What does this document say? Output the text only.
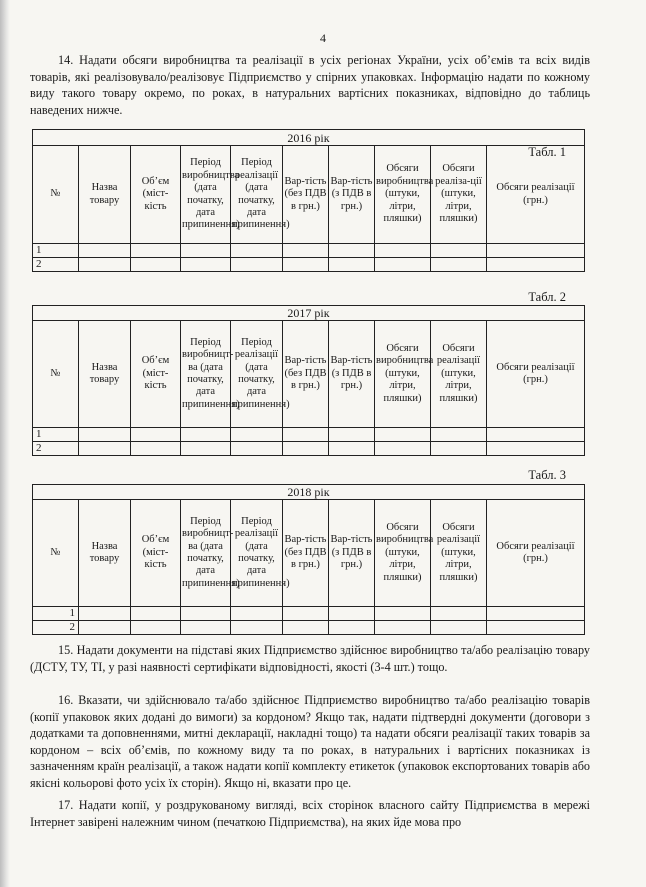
4

14. Надати обсяги виробництва та реалізації в усіх регіонах України, усіх об’ємів та всіх видів товарів, які реалізовувало/реалізовує Підприємство у спірних упаковках. Інформацію надати по кожному виду такого товару окремо, по роках, в натуральних вартісних показниках, відповідно до таблиць наведених нижче.

Табл. 1
2016 рік									
№	Назва товару	Об’єм (міст-кість	Період виробництва (дата початку, дата припинення)	Період реалізації (дата початку, дата припинення)	Вар-тість (без ПДВ в грн.)	Вар-тість (з ПДВ в грн.)	Обсяги виробництва (штуки, літри, пляшки)	Обсяги реаліза-ції (штуки, літри, пляшки)	Обсяги реалізації (грн.)
1									
2									
Табл. 2
2017 рік									
№	Назва товару	Об’єм (міст-кість	Період виробницт-ва (дата початку, дата припинення)	Період реалізації (дата початку, дата припинення)	Вар-тість (без ПДВ в грн.)	Вар-тість (з ПДВ в грн.)	Обсяги виробництва (штуки, літри, пляшки)	Обсяги реалізації (штуки, літри, пляшки)	Обсяги реалізації (грн.)
1									
2									
Табл. 3
2018 рік									
№	Назва товару	Об’єм (міст-кість	Період виробницт-ва (дата початку, дата припинення)	Період реалізації (дата початку, дата припинення)	Вар-тість (без ПДВ в грн.)	Вар-тість (з ПДВ в грн.)	Обсяги виробництва (штуки, літри, пляшки)	Обсяги реалізації (штуки, літри, пляшки)	Обсяги реалізації (грн.)
1									
2									

15. Надати документи на підставі яких Підприємство здійснює виробництво та/або реалізацію товару (ДСТУ, ТУ, ТІ, у разі наявності сертифікати відповідності, якості (3-4 шт.) тощо.

16. Вказати, чи здійснювало та/або здійснює Підприємство виробництво та/або реалізацію товарів (копії упаковок яких додані до вимоги) за кордоном? Якщо так, надати підтвердні документи (договори з додатками та доповненнями, митні декларації, накладні тощо) та надати обсяги реалізації таких товарів за кордоном – всіх об’ємів, по кожному виду та по роках, в натуральних і вартісних показниках із зазначенням країн реалізації, а також надати копії комплекту етикеток (упаковок експортованих товарів або якісні кольорові фото усіх їх сторін). Якщо ні, вказати про це.

17. Надати копії, у роздрукованому вигляді, всіх сторінок власного сайту Підприємства в мережі Інтернет завірені належним чином (печаткою Підприємства), на яких йде мова про
